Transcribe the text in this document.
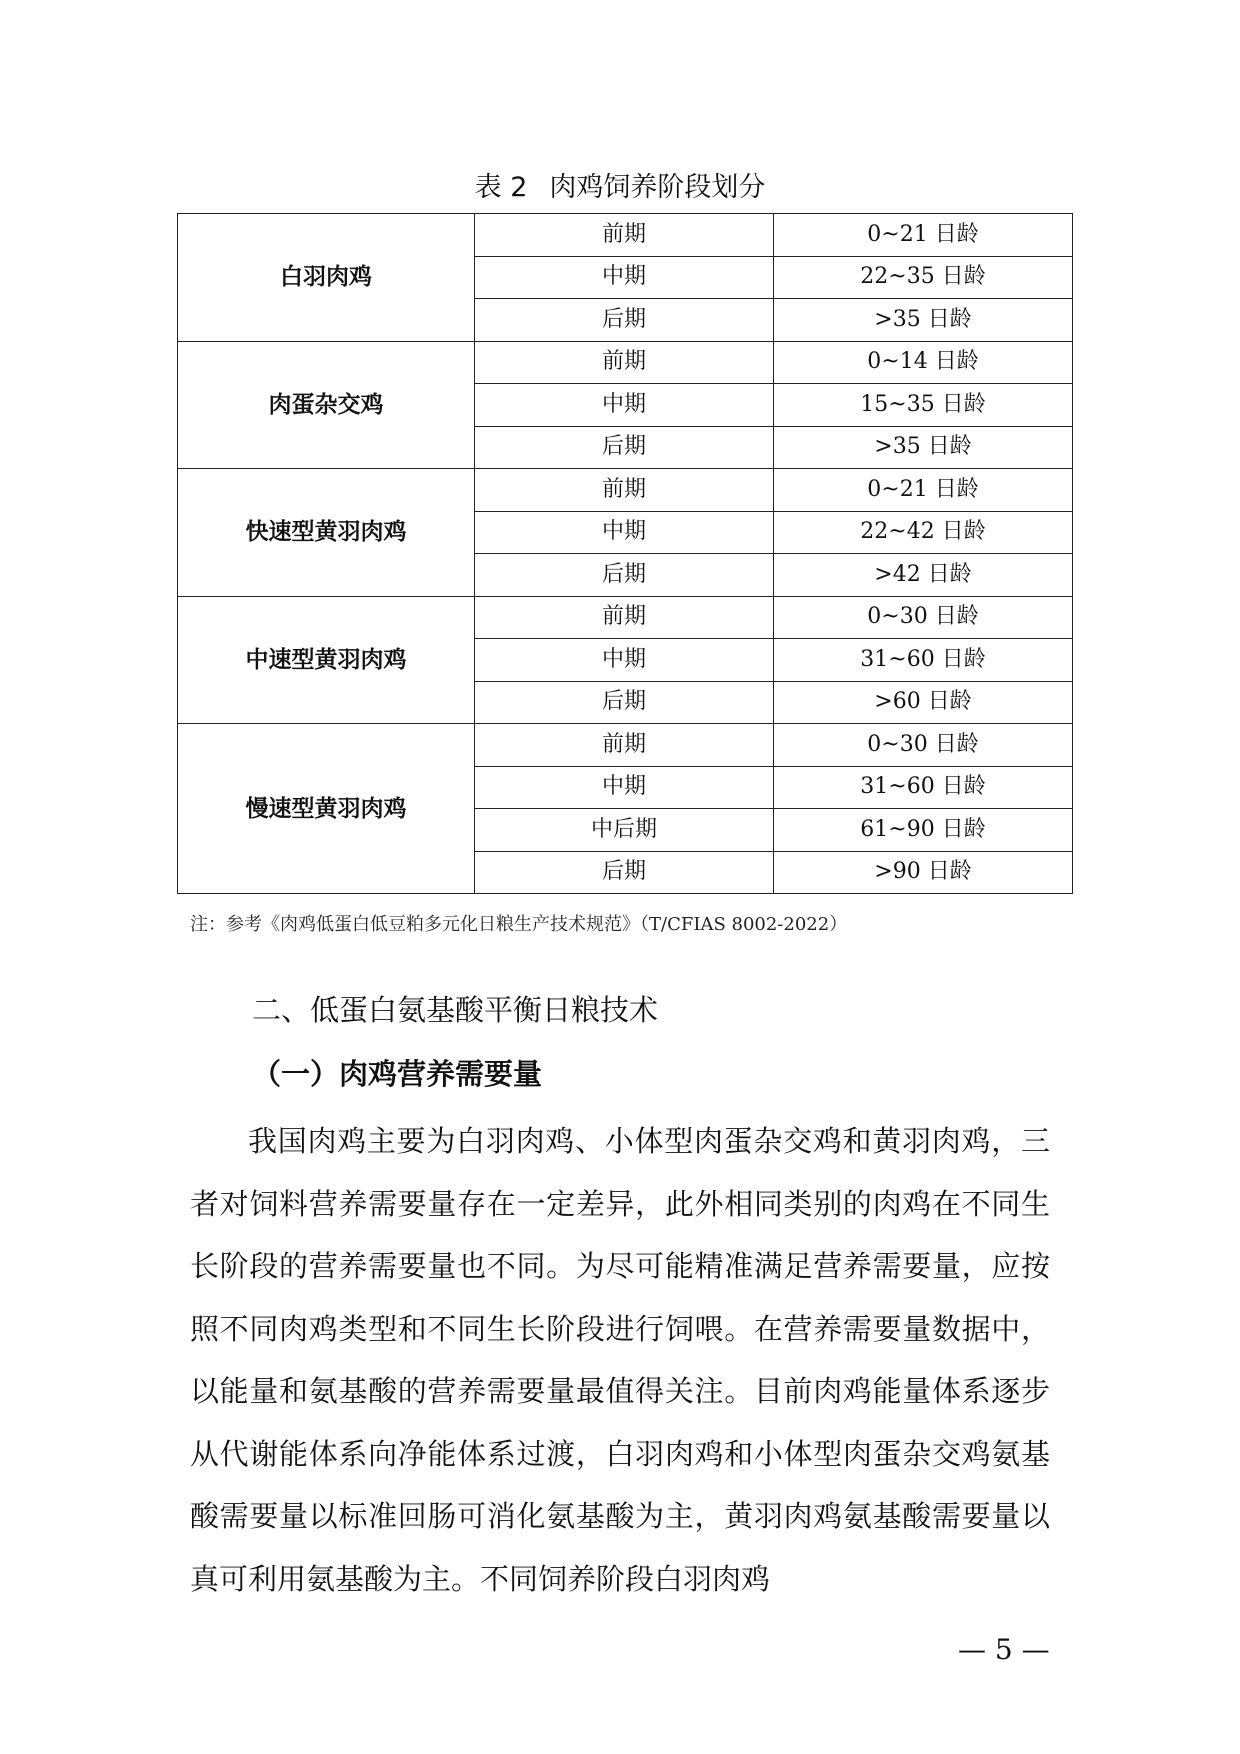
表 2 肉鸡饲养阶段划分
白羽肉鸡	前期	0~21 日龄
	中期	22~35 日龄
	后期	>35 日龄
肉蛋杂交鸡	前期	0~14 日龄
	中期	15~35 日龄
	后期	>35 日龄
快速型黄羽肉鸡	前期	0~21 日龄
	中期	22~42 日龄
	后期	>42 日龄
中速型黄羽肉鸡	前期	0~30 日龄
	中期	31~60 日龄
	后期	>60 日龄
慢速型黄羽肉鸡	前期	0~30 日龄
	中期	31~60 日龄
	中后期	61~90 日龄
	后期	>90 日龄
注：参考《肉鸡低蛋白低豆粕多元化日粮生产技术规范》（T/CFIAS 8002-2022）
二、低蛋白氨基酸平衡日粮技术
（一）肉鸡营养需要量

我国肉鸡主要为白羽肉鸡、小体型肉蛋杂交鸡和黄羽肉鸡，三者对饲料营养需要量存在一定差异，此外相同类别的肉鸡在不同生长阶段的营养需要量也不同。为尽可能精准满足营养需要量，应按照不同肉鸡类型和不同生长阶段进行饲喂。在营养需要量数据中，以能量和氨基酸的营养需要量最值得关注。目前肉鸡能量体系逐步从代谢能体系向净能体系过渡，白羽肉鸡和小体型肉蛋杂交鸡氨基酸需要量以标准回肠可消化氨基酸为主，黄羽肉鸡氨基酸需要量以真可利用氨基酸为主。不同饲养阶段白羽肉鸡

— 5 —
